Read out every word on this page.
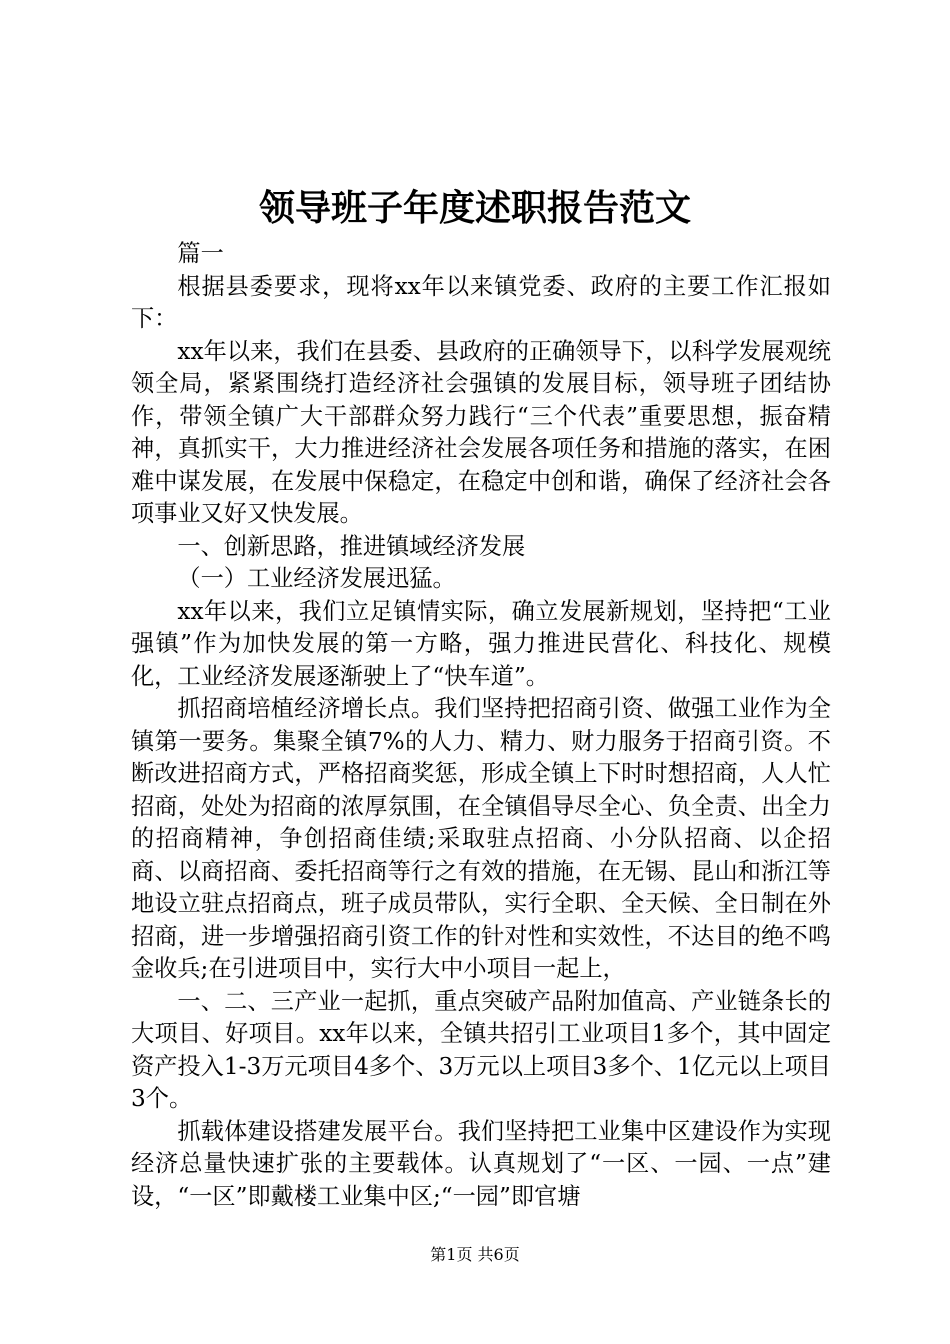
领导班子年度述职报告范文

篇一

根据县委要求，现将xx年以来镇党委、政府的主要工作汇报如下：

xx年以来，我们在县委、县政府的正确领导下，以科学发展观统领全局，紧紧围绕打造经济社会强镇的发展目标，领导班子团结协作，带领全镇广大干部群众努力践行“三个代表”重要思想，振奋精神，真抓实干，大力推进经济社会发展各项任务和措施的落实，在困难中谋发展，在发展中保稳定，在稳定中创和谐，确保了经济社会各项事业又好又快发展。

一、创新思路，推进镇域经济发展

（一）工业经济发展迅猛。

xx年以来，我们立足镇情实际，确立发展新规划，坚持把“工业强镇”作为加快发展的第一方略，强力推进民营化、科技化、规模化，工业经济发展逐渐驶上了“快车道”。

抓招商培植经济增长点。我们坚持把招商引资、做强工业作为全镇第一要务。集聚全镇7%的人力、精力、财力服务于招商引资。不断改进招商方式，严格招商奖惩，形成全镇上下时时想招商，人人忙招商，处处为招商的浓厚氛围，在全镇倡导尽全心、负全责、出全力的招商精神，争创招商佳绩;采取驻点招商、小分队招商、以企招商、以商招商、委托招商等行之有效的措施，在无锡、昆山和浙江等地设立驻点招商点，班子成员带队，实行全职、全天候、全日制在外招商，进一步增强招商引资工作的针对性和实效性，不达目的绝不鸣金收兵;在引进项目中，实行大中小项目一起上，

一、二、三产业一起抓，重点突破产品附加值高、产业链条长的大项目、好项目。xx年以来，全镇共招引工业项目1多个，其中固定资产投入1-3万元项目4多个、3万元以上项目3多个、1亿元以上项目3个。

抓载体建设搭建发展平台。我们坚持把工业集中区建设作为实现经济总量快速扩张的主要载体。认真规划了“一区、一园、一点”建设，“一区”即戴楼工业集中区;“一园”即官塘

第1页 共6页
